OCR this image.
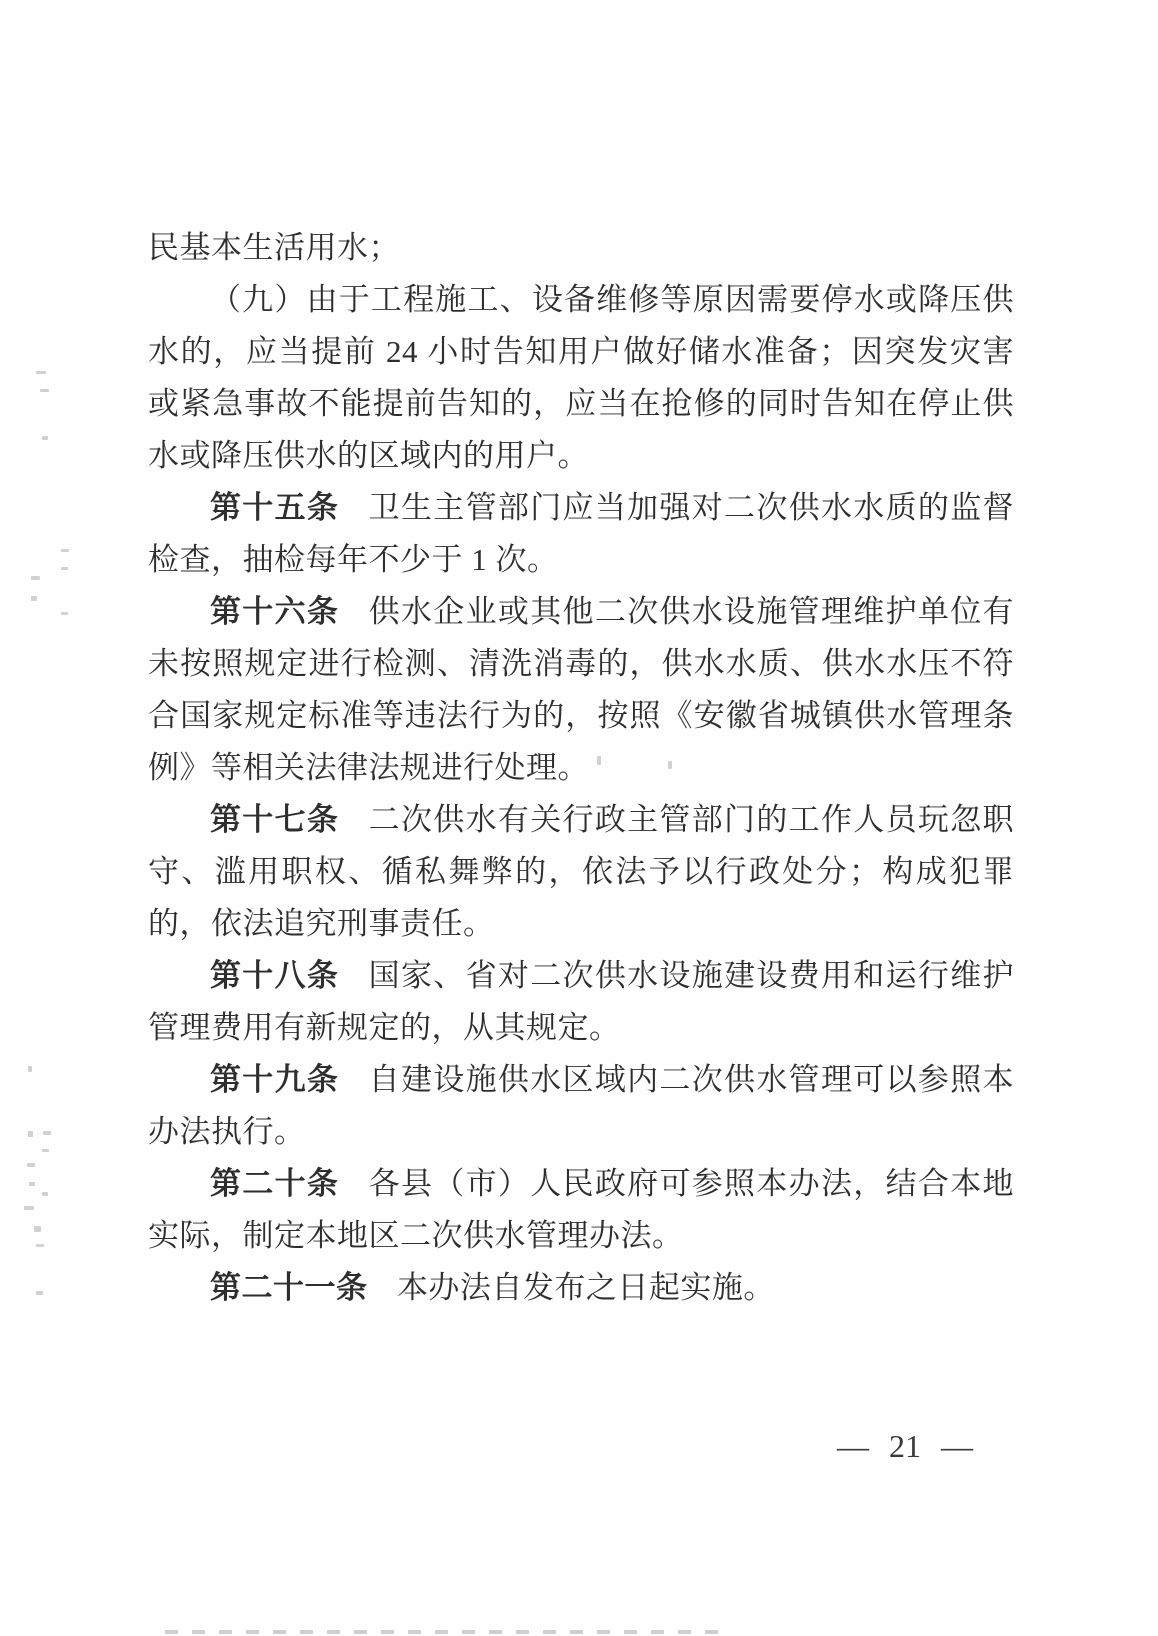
民基本生活用水；

（九）由于工程施工、设备维修等原因需要停水或降压供水的，应当提前 24 小时告知用户做好储水准备；因突发灾害或紧急事故不能提前告知的，应当在抢修的同时告知在停止供水或降压供水的区域内的用户。

第十五条 卫生主管部门应当加强对二次供水水质的监督检查，抽检每年不少于 1 次。

第十六条 供水企业或其他二次供水设施管理维护单位有未按照规定进行检测、清洗消毒的，供水水质、供水水压不符合国家规定标准等违法行为的，按照《安徽省城镇供水管理条例》等相关法律法规进行处理。

第十七条 二次供水有关行政主管部门的工作人员玩忽职守、滥用职权、循私舞弊的，依法予以行政处分；构成犯罪的，依法追究刑事责任。

第十八条 国家、省对二次供水设施建设费用和运行维护管理费用有新规定的，从其规定。

第十九条 自建设施供水区域内二次供水管理可以参照本办法执行。

第二十条 各县（市）人民政府可参照本办法，结合本地实际，制定本地区二次供水管理办法。

第二十一条 本办法自发布之日起实施。

— 21 —
